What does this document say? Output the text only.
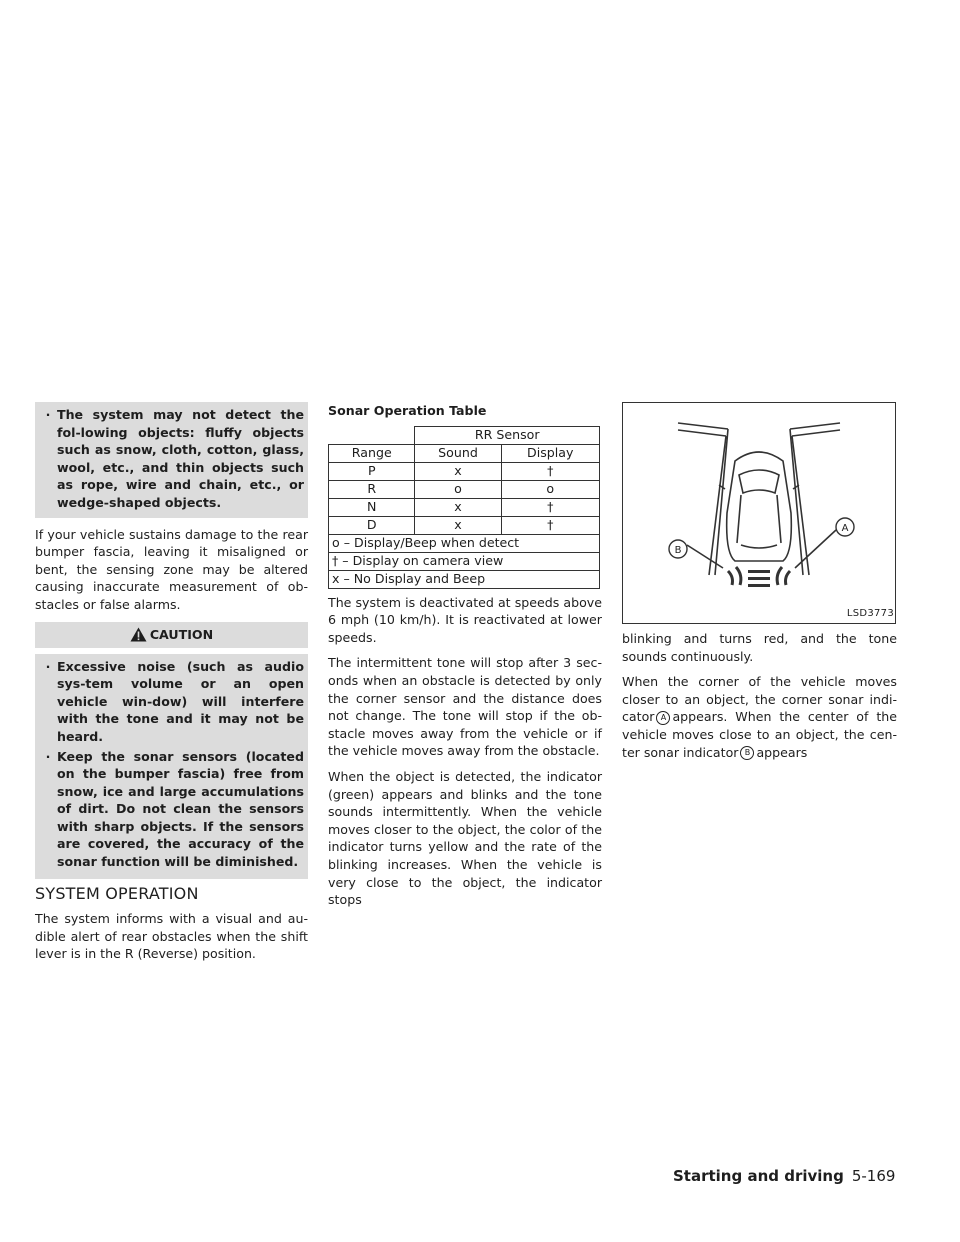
· The system may not detect the fol-lowing objects: fluffy objects such as snow, cloth, cotton, glass, wool, etc., and thin objects such as rope, wire and chain, etc., or wedge-shaped objects.

If your vehicle sustains damage to the rear bumper fascia, leaving it misaligned or bent, the sensing zone may be altered causing inaccurate measurement of ob-stacles or false alarms.

CAUTION
· Excessive noise (such as audio sys-tem volume or an open vehicle win-dow) will interfere with the tone and it may not be heard.
· Keep the sonar sensors (located on the bumper fascia) free from snow, ice and large accumulations of dirt. Do not clean the sensors with sharp objects. If the sensors are covered, the accuracy of the sonar function will be diminished.
SYSTEM OPERATION

The system informs with a visual and au-dible alert of rear obstacles when the shift lever is in the R (Reverse) position.

Sonar Operation Table
	RR Sensor	
Range	Sound	Display
P	x	†
R	o	o
N	x	†
D	x	†
o – Display/Beep when detect		
† – Display on camera view		
x – No Display and Beep		

The system is deactivated at speeds above 6 mph (10 km/h). It is reactivated at lower speeds.

The intermittent tone will stop after 3 sec-onds when an obstacle is detected by only the corner sensor and the distance does not change. The tone will stop if the ob-stacle moves away from the vehicle or if the vehicle moves away from the obstacle.

When the object is detected, the indicator (green) appears and blinks and the tone sounds intermittently. When the vehicle moves closer to the object, the color of the indicator turns yellow and the rate of the blinking increases. When the vehicle is very close to the object, the indicator stops

B
A
LSD3773

blinking and turns red, and the tone sounds continuously.

When the corner of the vehicle moves closer to an object, the corner sonar indi-cator A appears. When the center of the vehicle moves close to an object, the cen-ter sonar indicator B appears

Starting and driving 5-169
